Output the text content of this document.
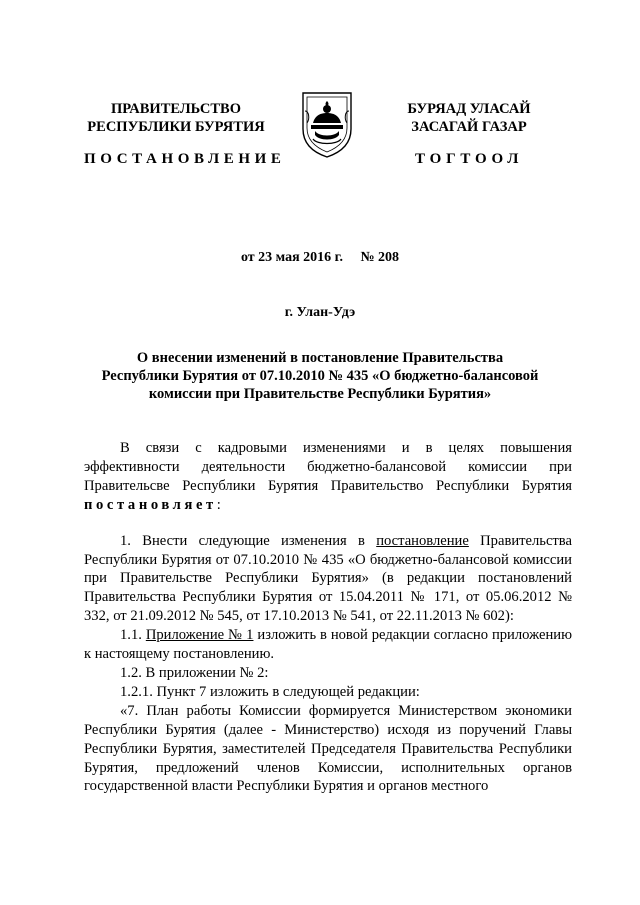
ПРАВИТЕЛЬСТВО
РЕСПУБЛИКИ БУРЯТИЯ
БУРЯАД УЛАСАЙ
ЗАСАГАЙ ГАЗАР
ПОСТАНОВЛЕНИЕ	ТОГТООЛ
от 23 мая 2016 г.     № 208
г. Улан-Удэ
О внесении изменений в постановление Правительства
Республики Бурятия от 07.10.2010 № 435 «О бюджетно-балансовой
комиссии при Правительстве Республики Бурятия»

В связи с кадровыми изменениями и в целях повышения эффективности деятельности бюджетно-балансовой комиссии при Правительсвe Республики Бурятия Правительство Республики Бурятия постановляет:

1. Внести следующие изменения в постановление Правительства Республики Бурятия от 07.10.2010 № 435 «О бюджетно-балансовой комиссии при Правительстве Республики Бурятия» (в редакции постановлений Правительства Республики Бурятия от 15.04.2011 № 171, от 05.06.2012 № 332, от 21.09.2012 № 545, от 17.10.2013 № 541, от 22.11.2013 № 602):

1.1. Приложение № 1 изложить в новой редакции согласно приложению к настоящему постановлению.

1.2. В приложении № 2:

1.2.1. Пункт 7 изложить в следующей редакции:

«7. План работы Комиссии формируется Министерством экономики Республики Бурятия (далее - Министерство) исходя из поручений Главы Республики Бурятия, заместителей Председателя Правительства Республики Бурятия, предложений членов Комиссии, исполнительных органов государственной власти Республики Бурятия и органов местного
